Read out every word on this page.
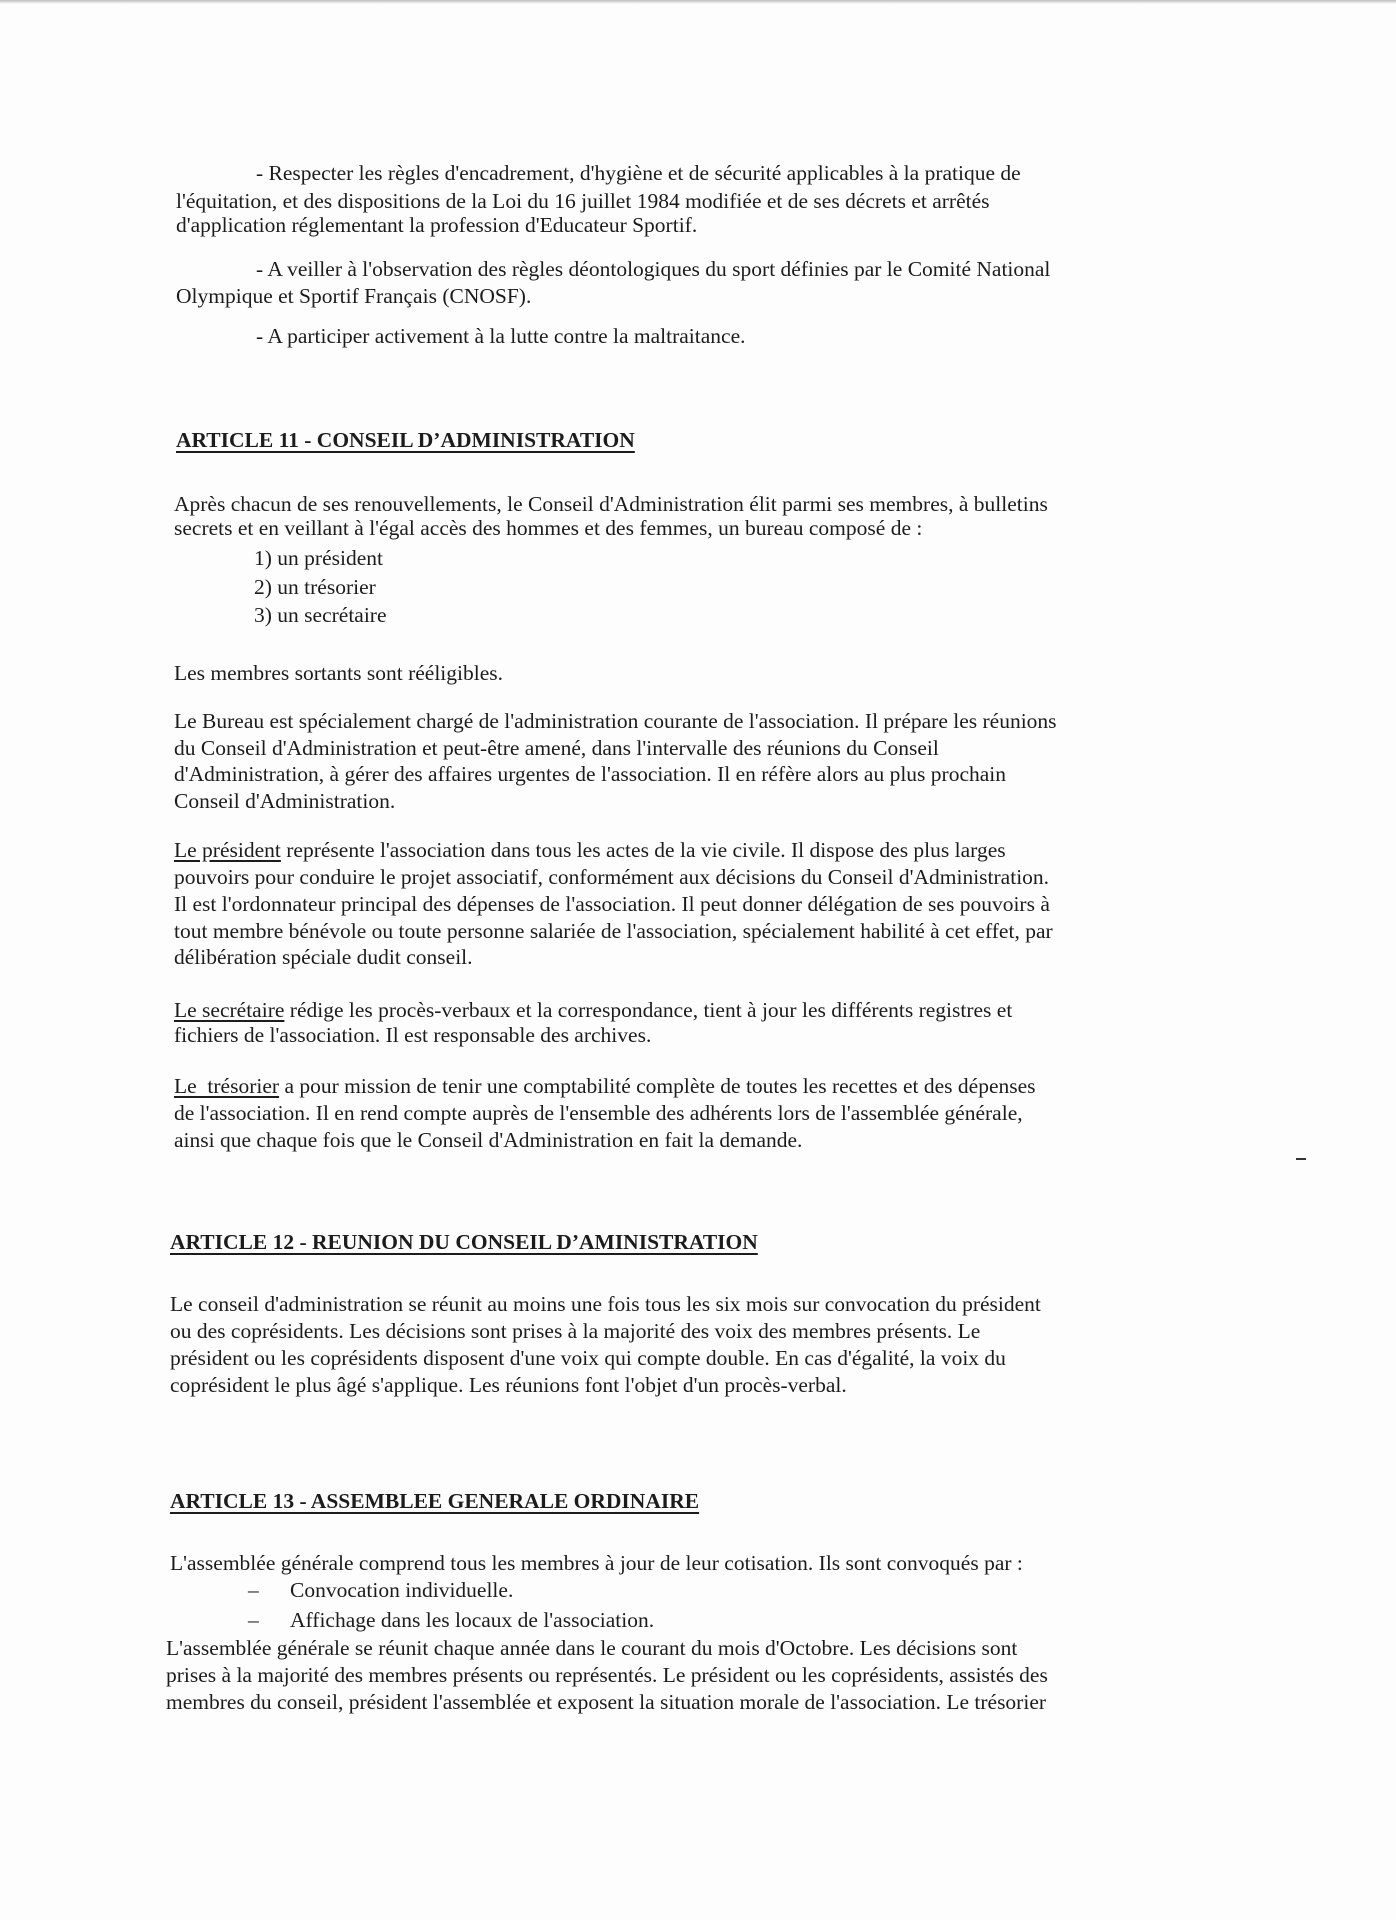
- Respecter les règles d'encadrement, d'hygiène et de sécurité applicables à la pratique de
l'équitation, et des dispositions de la Loi du 16 juillet 1984 modifiée et de ses décrets et arrêtés
d'application réglementant la profession d'Educateur Sportif.
- A veiller à l'observation des règles déontologiques du sport définies par le Comité National
Olympique et Sportif Français (CNOSF).
- A participer activement à la lutte contre la maltraitance.
ARTICLE 11 - CONSEIL D’ADMINISTRATION
Après chacun de ses renouvellements, le Conseil d'Administration élit parmi ses membres, à bulletins
secrets et en veillant à l'égal accès des hommes et des femmes, un bureau composé de :
1) un président
2) un trésorier
3) un secrétaire
Les membres sortants sont rééligibles.
Le Bureau est spécialement chargé de l'administration courante de l'association. Il prépare les réunions
du Conseil d'Administration et peut-être amené, dans l'intervalle des réunions du Conseil
d'Administration, à gérer des affaires urgentes de l'association. Il en réfère alors au plus prochain
Conseil d'Administration.
Le président représente l'association dans tous les actes de la vie civile. Il dispose des plus larges
pouvoirs pour conduire le projet associatif, conformément aux décisions du Conseil d'Administration.
Il est l'ordonnateur principal des dépenses de l'association. Il peut donner délégation de ses pouvoirs à
tout membre bénévole ou toute personne salariée de l'association, spécialement habilité à cet effet, par
délibération spéciale dudit conseil.
Le secrétaire rédige les procès-verbaux et la correspondance, tient à jour les différents registres et
fichiers de l'association. Il est responsable des archives.
Le  trésorier a pour mission de tenir une comptabilité complète de toutes les recettes et des dépenses
de l'association. Il en rend compte auprès de l'ensemble des adhérents lors de l'assemblée générale,
ainsi que chaque fois que le Conseil d'Administration en fait la demande.
ARTICLE 12 - REUNION DU CONSEIL D’AMINISTRATION
Le conseil d'administration se réunit au moins une fois tous les six mois sur convocation du président
ou des coprésidents. Les décisions sont prises à la majorité des voix des membres présents. Le
président ou les coprésidents disposent d'une voix qui compte double. En cas d'égalité, la voix du
coprésident le plus âgé s'applique. Les réunions font l'objet d'un procès-verbal.
ARTICLE 13 - ASSEMBLEE GENERALE ORDINAIRE
L'assemblée générale comprend tous les membres à jour de leur cotisation. Ils sont convoqués par :
– Convocation individuelle.
– Affichage dans les locaux de l'association.
L'assemblée générale se réunit chaque année dans le courant du mois d'Octobre. Les décisions sont
prises à la majorité des membres présents ou représentés. Le président ou les coprésidents, assistés des
membres du conseil, président l'assemblée et exposent la situation morale de l'association. Le trésorier
